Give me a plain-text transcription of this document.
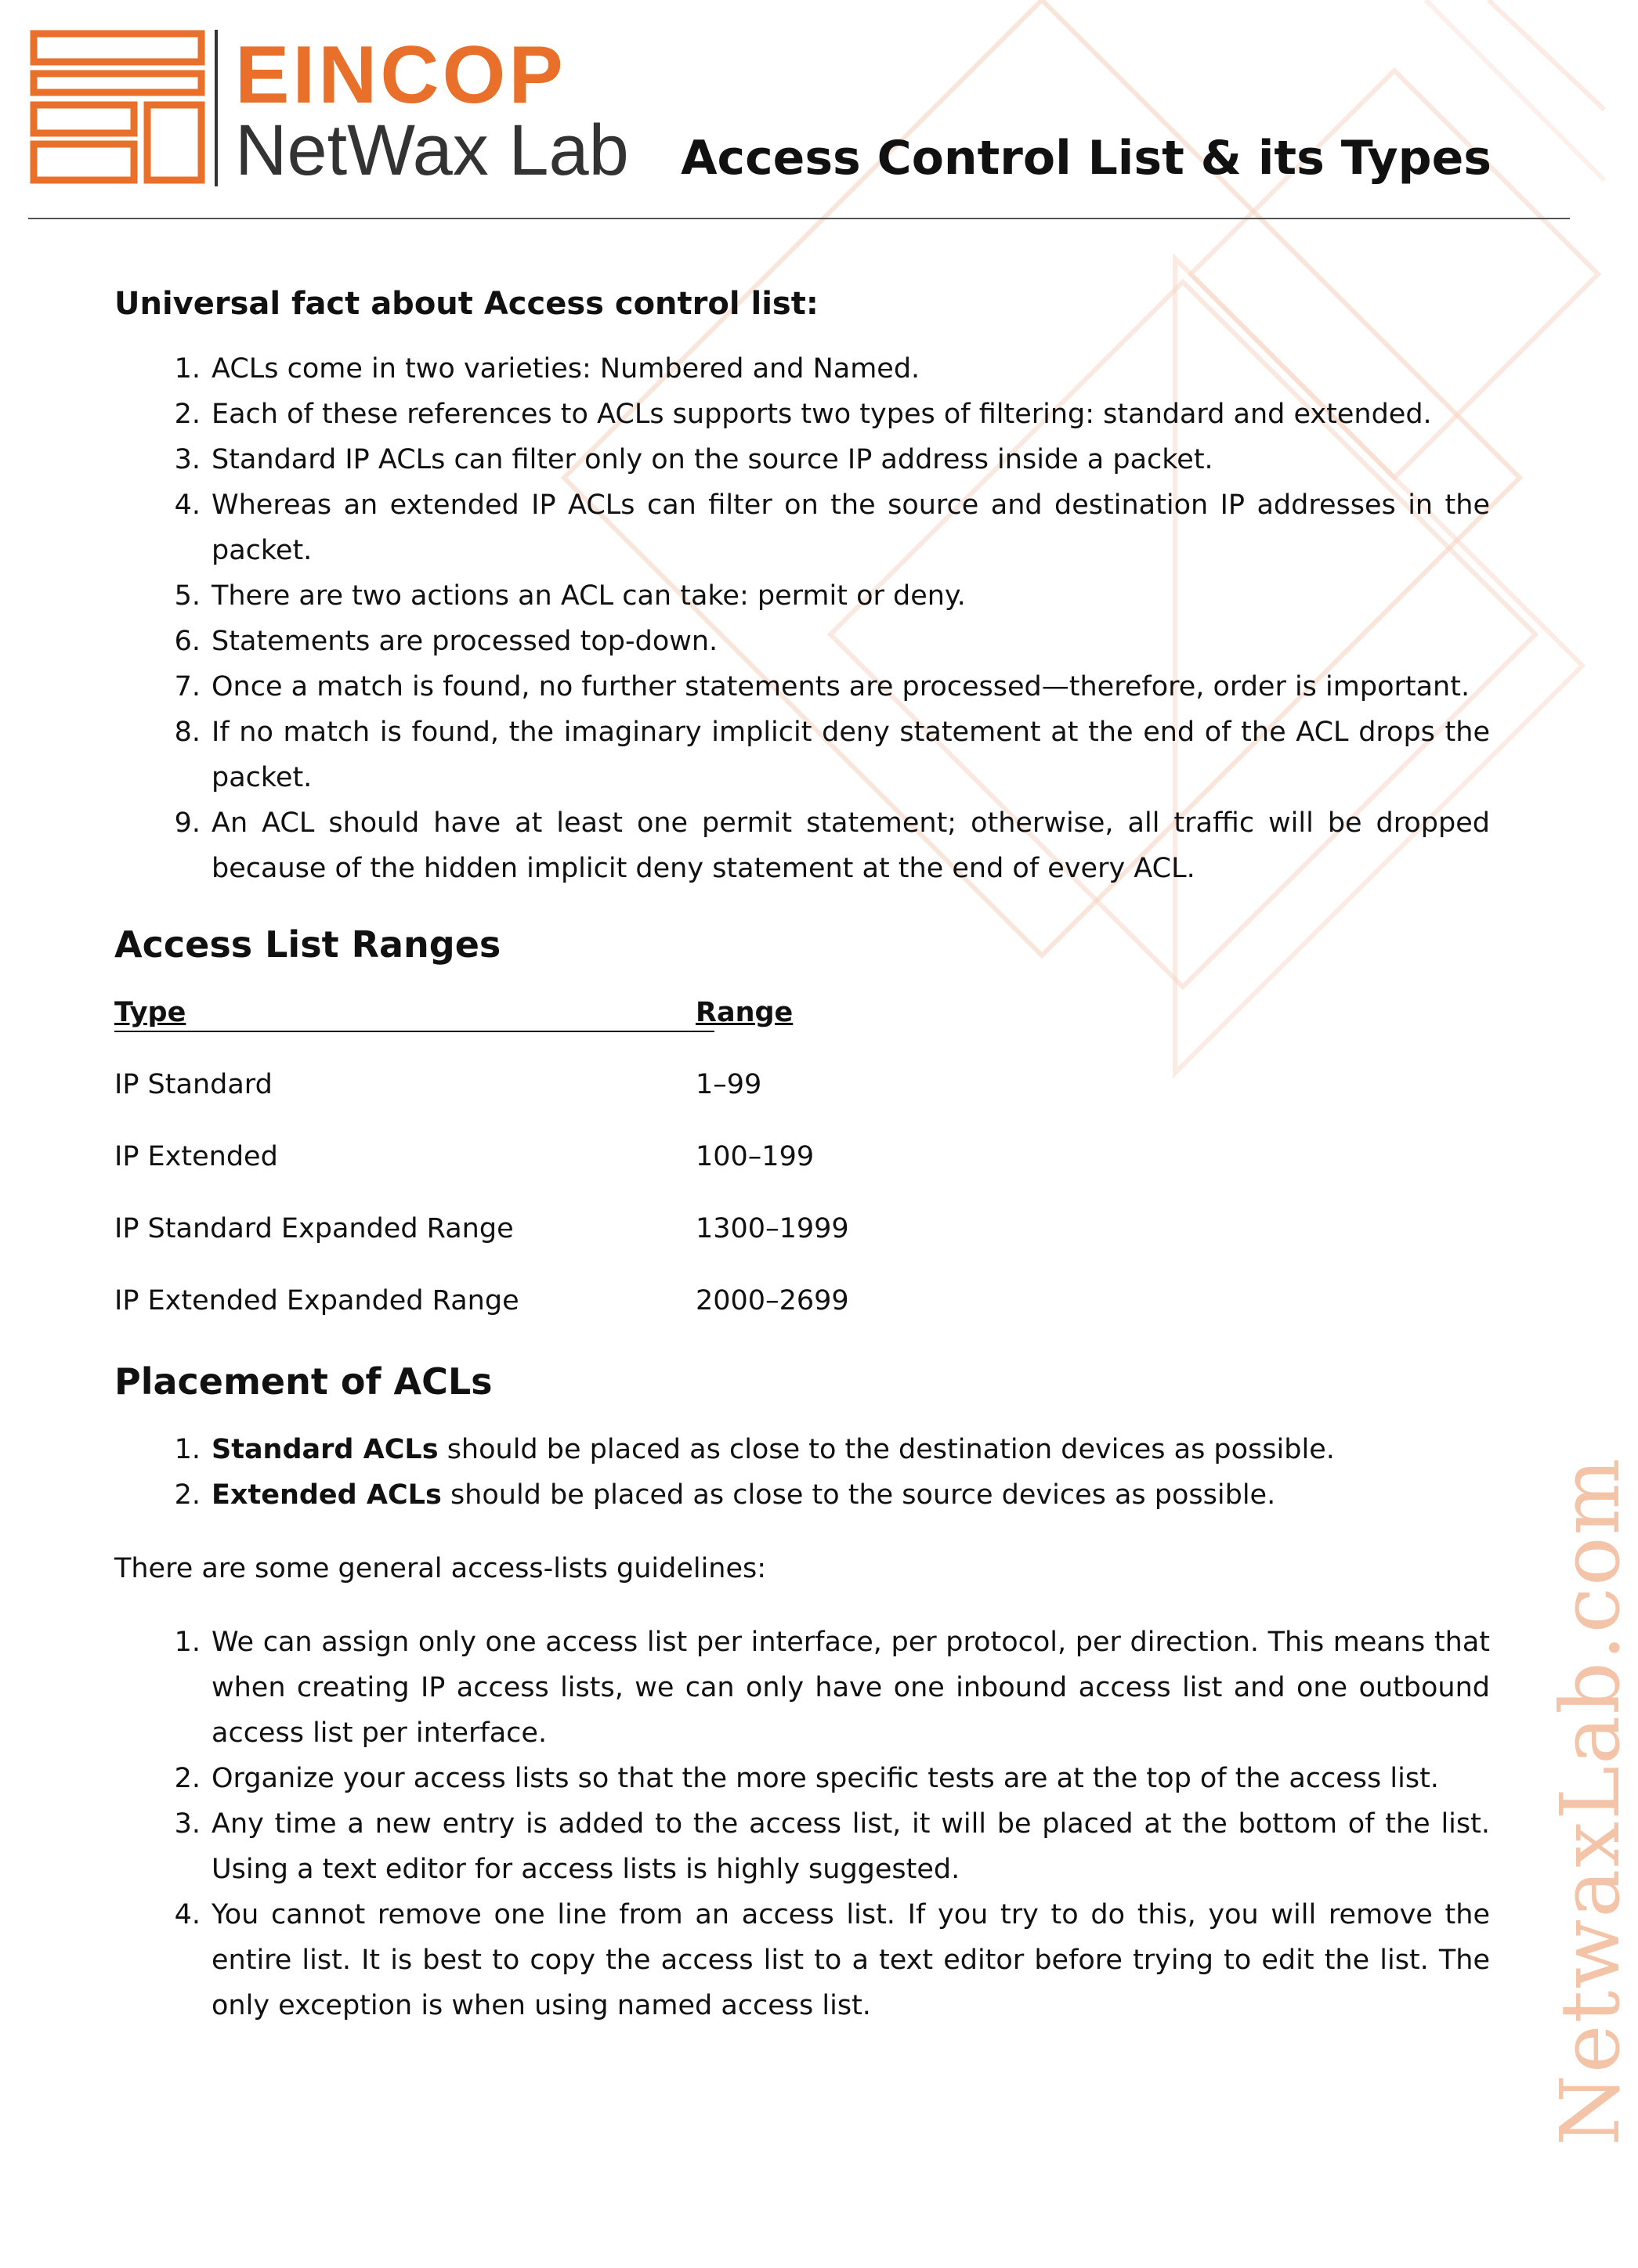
EINCOP

NetWax Lab Access Control List & its Types
Universal fact about Access control list:
1. ACLs come in two varieties: Numbered and Named.
2. Each of these references to ACLs supports two types of filtering: standard and extended.
3. Standard IP ACLs can filter only on the source IP address inside a packet.
4. Whereas an extended IP ACLs can filter on the source and destination IP addresses in the packet.
5. There are two actions an ACL can take: permit or deny.
6. Statements are processed top-down.
7. Once a match is found, no further statements are processed—therefore, order is important.
8. If no match is found, the imaginary implicit deny statement at the end of the ACL drops the packet.
9. An ACL should have at least one permit statement; otherwise, all traffic will be dropped because of the hidden implicit deny statement at the end of every ACL.
Access List Ranges
Type	Range
IP Standard	1–99
IP Extended	100–199
IP Standard Expanded Range	1300–1999
IP Extended Expanded Range	2000–2699
Placement of ACLs
1. Standard ACLs should be placed as close to the destination devices as possible.
2. Extended ACLs should be placed as close to the source devices as possible.

There are some general access-lists guidelines:

1. We can assign only one access list per interface, per protocol, per direction. This means that when creating IP access lists, we can only have one inbound access list and one outbound access list per interface.
2. Organize your access lists so that the more specific tests are at the top of the access list.
3. Any time a new entry is added to the access list, it will be placed at the bottom of the list. Using a text editor for access lists is highly suggested.
4. You cannot remove one line from an access list. If you try to do this, you will remove the entire list. It is best to copy the access list to a text editor before trying to edit the list. The only exception is when using named access list.	NetwaxLab.com
